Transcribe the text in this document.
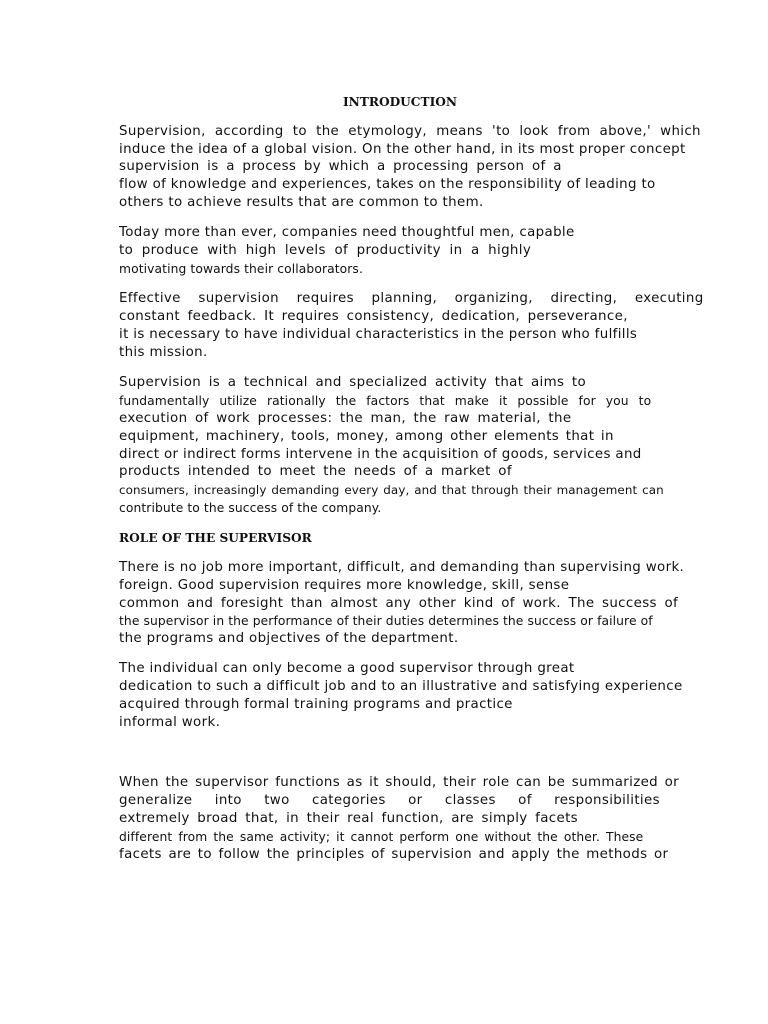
INTRODUCTION
Supervision, according to the etymology, means 'to look from above,' which
induce the idea of a global vision. On the other hand, in its most proper concept
supervision is a process by which a processing person of a
flow of knowledge and experiences, takes on the responsibility of leading to
others to achieve results that are common to them.
Today more than ever, companies need thoughtful men, capable
to produce with high levels of productivity in a highly
motivating towards their collaborators.
Effective supervision requires planning, organizing, directing, executing
constant feedback. It requires consistency, dedication, perseverance,
it is necessary to have individual characteristics in the person who fulfills
this mission.
Supervision is a technical and specialized activity that aims to
fundamentally utilize rationally the factors that make it possible for you to
execution of work processes: the man, the raw material, the
equipment, machinery, tools, money, among other elements that in
direct or indirect forms intervene in the acquisition of goods, services and
products intended to meet the needs of a market of
consumers, increasingly demanding every day, and that through their management can
contribute to the success of the company.
ROLE OF THE SUPERVISOR
There is no job more important, difficult, and demanding than supervising work.
foreign. Good supervision requires more knowledge, skill, sense
common and foresight than almost any other kind of work. The success of
the supervisor in the performance of their duties determines the success or failure of
the programs and objectives of the department.
The individual can only become a good supervisor through great
dedication to such a difficult job and to an illustrative and satisfying experience
acquired through formal training programs and practice
informal work.
When the supervisor functions as it should, their role can be summarized or
generalize into two categories or classes of responsibilities
extremely broad that, in their real function, are simply facets
different from the same activity; it cannot perform one without the other. These
facets are to follow the principles of supervision and apply the methods or
